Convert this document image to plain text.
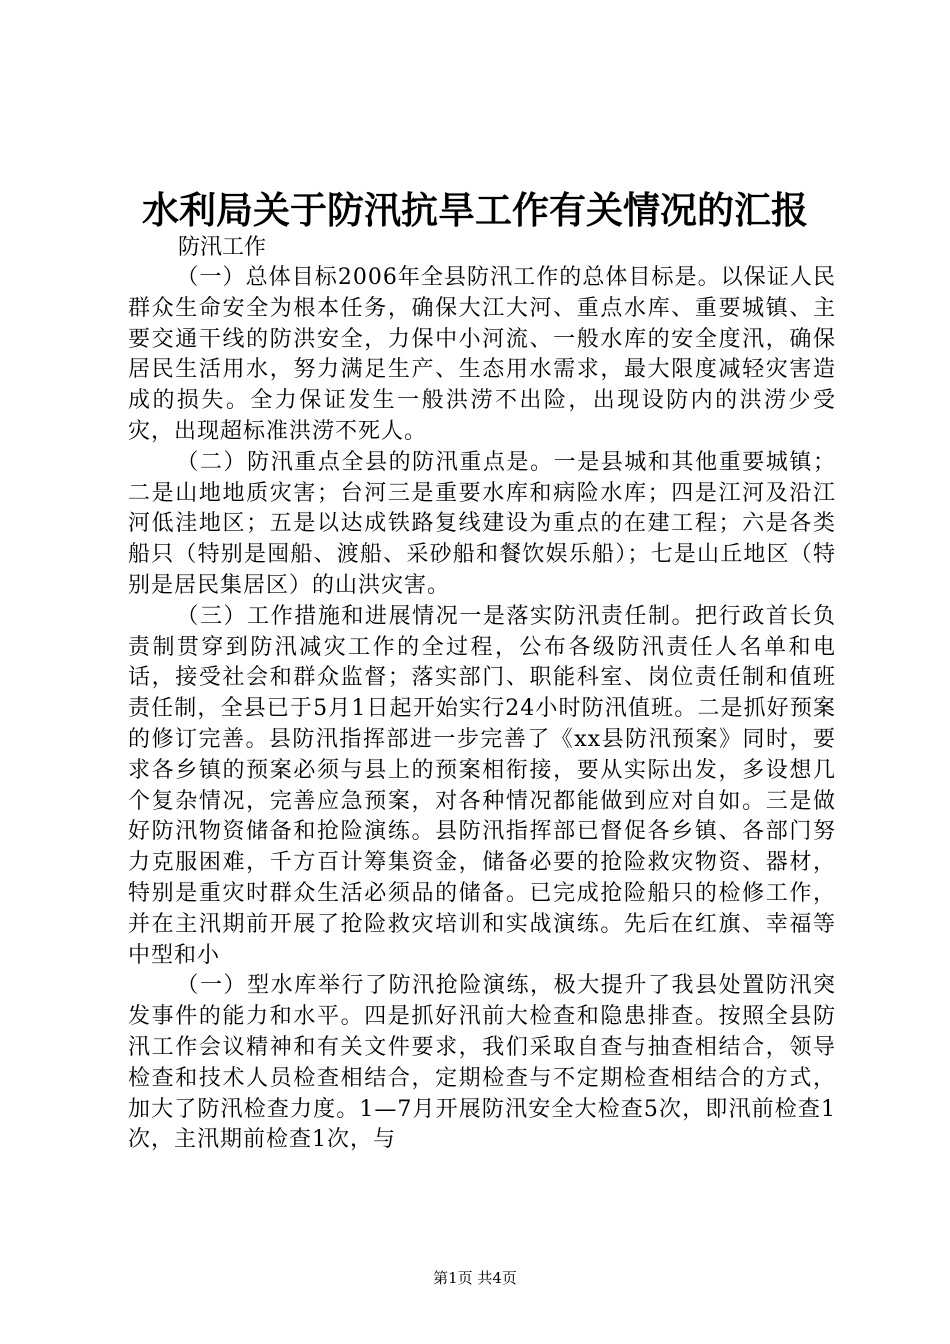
水利局关于防汛抗旱工作有关情况的汇报
防汛工作

（一）总体目标2006年全县防汛工作的总体目标是。以保证人民群众生命安全为根本任务，确保大江大河、重点水库、重要城镇、主要交通干线的防洪安全，力保中小河流、一般水库的安全度汛，确保居民生活用水，努力满足生产、生态用水需求，最大限度减轻灾害造成的损失。全力保证发生一般洪涝不出险，出现设防内的洪涝少受灾，出现超标准洪涝不死人。

（二）防汛重点全县的防汛重点是。一是县城和其他重要城镇；二是山地地质灾害；台河三是重要水库和病险水库；四是江河及沿江河低洼地区；五是以达成铁路复线建设为重点的在建工程；六是各类船只（特别是囤船、渡船、采砂船和餐饮娱乐船）；七是山丘地区（特别是居民集居区）的山洪灾害。

（三）工作措施和进展情况一是落实防汛责任制。把行政首长负责制贯穿到防汛减灾工作的全过程，公布各级防汛责任人名单和电话，接受社会和群众监督；落实部门、职能科室、岗位责任制和值班责任制，全县已于5月1日起开始实行24小时防汛值班。二是抓好预案的修订完善。县防汛指挥部进一步完善了《xx县防汛预案》同时，要求各乡镇的预案必须与县上的预案相衔接，要从实际出发，多设想几个复杂情况，完善应急预案，对各种情况都能做到应对自如。三是做好防汛物资储备和抢险演练。县防汛指挥部已督促各乡镇、各部门努力克服困难，千方百计筹集资金，储备必要的抢险救灾物资、器材，特别是重灾时群众生活必须品的储备。已完成抢险船只的检修工作，并在主汛期前开展了抢险救灾培训和实战演练。先后在红旗、幸福等中型和小

（一）型水库举行了防汛抢险演练，极大提升了我县处置防汛突发事件的能力和水平。四是抓好汛前大检查和隐患排查。按照全县防汛工作会议精神和有关文件要求，我们采取自查与抽查相结合，领导检查和技术人员检查相结合，定期检查与不定期检查相结合的方式，加大了防汛检查力度。1—7月开展防汛安全大检查5次，即汛前检查1次，主汛期前检查1次，与

第1页 共4页
